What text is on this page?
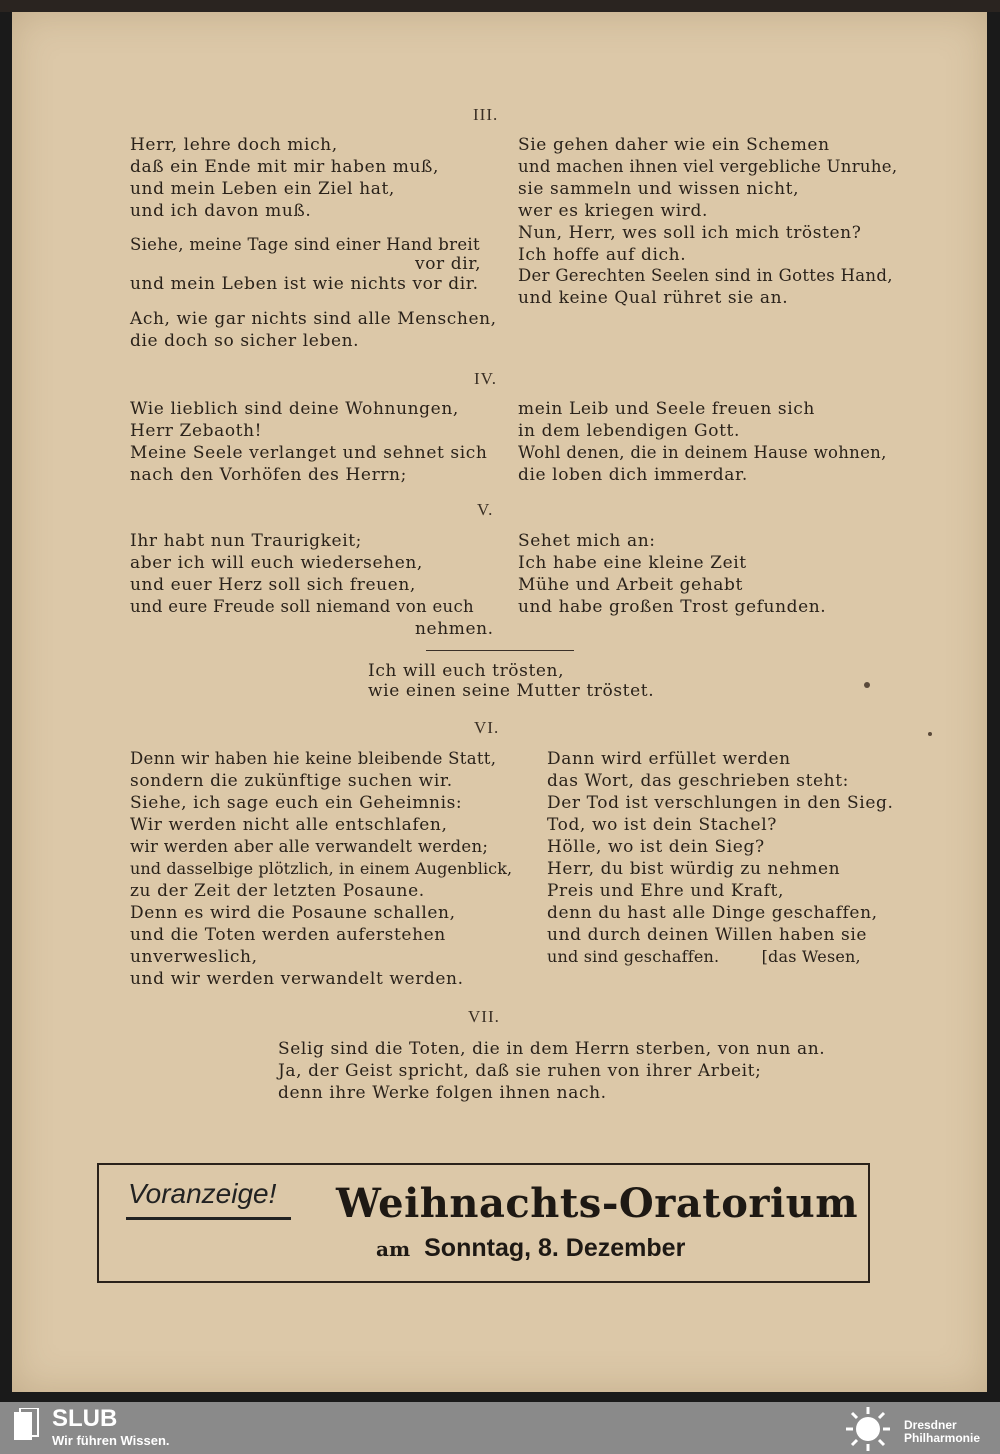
III.
Herr, lehre doch mich,
daß ein Ende mit mir haben muß,
und mein Leben ein Ziel hat,
und ich davon muß.
Siehe, meine Tage sind einer Hand breit
vor dir,
und mein Leben ist wie nichts vor dir.
Ach, wie gar nichts sind alle Menschen,
die doch so sicher leben.
Sie gehen daher wie ein Schemen
und machen ihnen viel vergebliche Unruhe,
sie sammeln und wissen nicht,
wer es kriegen wird.
Nun, Herr, wes soll ich mich trösten?
Ich hoffe auf dich.
Der Gerechten Seelen sind in Gottes Hand,
und keine Qual rühret sie an.
IV.
Wie lieblich sind deine Wohnungen,
Herr Zebaoth!
Meine Seele verlanget und sehnet sich
nach den Vorhöfen des Herrn;
mein Leib und Seele freuen sich
in dem lebendigen Gott.
Wohl denen, die in deinem Hause wohnen,
die loben dich immerdar.
V.
Ihr habt nun Traurigkeit;
aber ich will euch wiedersehen,
und euer Herz soll sich freuen,
und eure Freude soll niemand von euch
nehmen.
Sehet mich an:
Ich habe eine kleine Zeit
Mühe und Arbeit gehabt
und habe großen Trost gefunden.
Ich will euch trösten,
wie einen seine Mutter tröstet.
VI.
Denn wir haben hie keine bleibende Statt,
sondern die zukünftige suchen wir.
Siehe, ich sage euch ein Geheimnis:
Wir werden nicht alle entschlafen,
wir werden aber alle verwandelt werden;
und dasselbige plötzlich, in einem Augenblick,
zu der Zeit der letzten Posaune.
Denn es wird die Posaune schallen,
und die Toten werden auferstehen
unverweslich,
und wir werden verwandelt werden.
Dann wird erfüllet werden
das Wort, das geschrieben steht:
Der Tod ist verschlungen in den Sieg.
Tod, wo ist dein Stachel?
Hölle, wo ist dein Sieg?
Herr, du bist würdig zu nehmen
Preis und Ehre und Kraft,
denn du hast alle Dinge geschaffen,
und durch deinen Willen haben sie
und sind geschaffen.        [das Wesen,
VII.
Selig sind die Toten, die in dem Herrn sterben, von nun an.
Ja, der Geist spricht, daß sie ruhen von ihrer Arbeit;
denn ihre Werke folgen ihnen nach.
Voranzeige! Weihnachts-Oratorium
am Sonntag, 8. Dezember
SLUB
Wir führen Wissen.
Dresdner
Philharmonie
